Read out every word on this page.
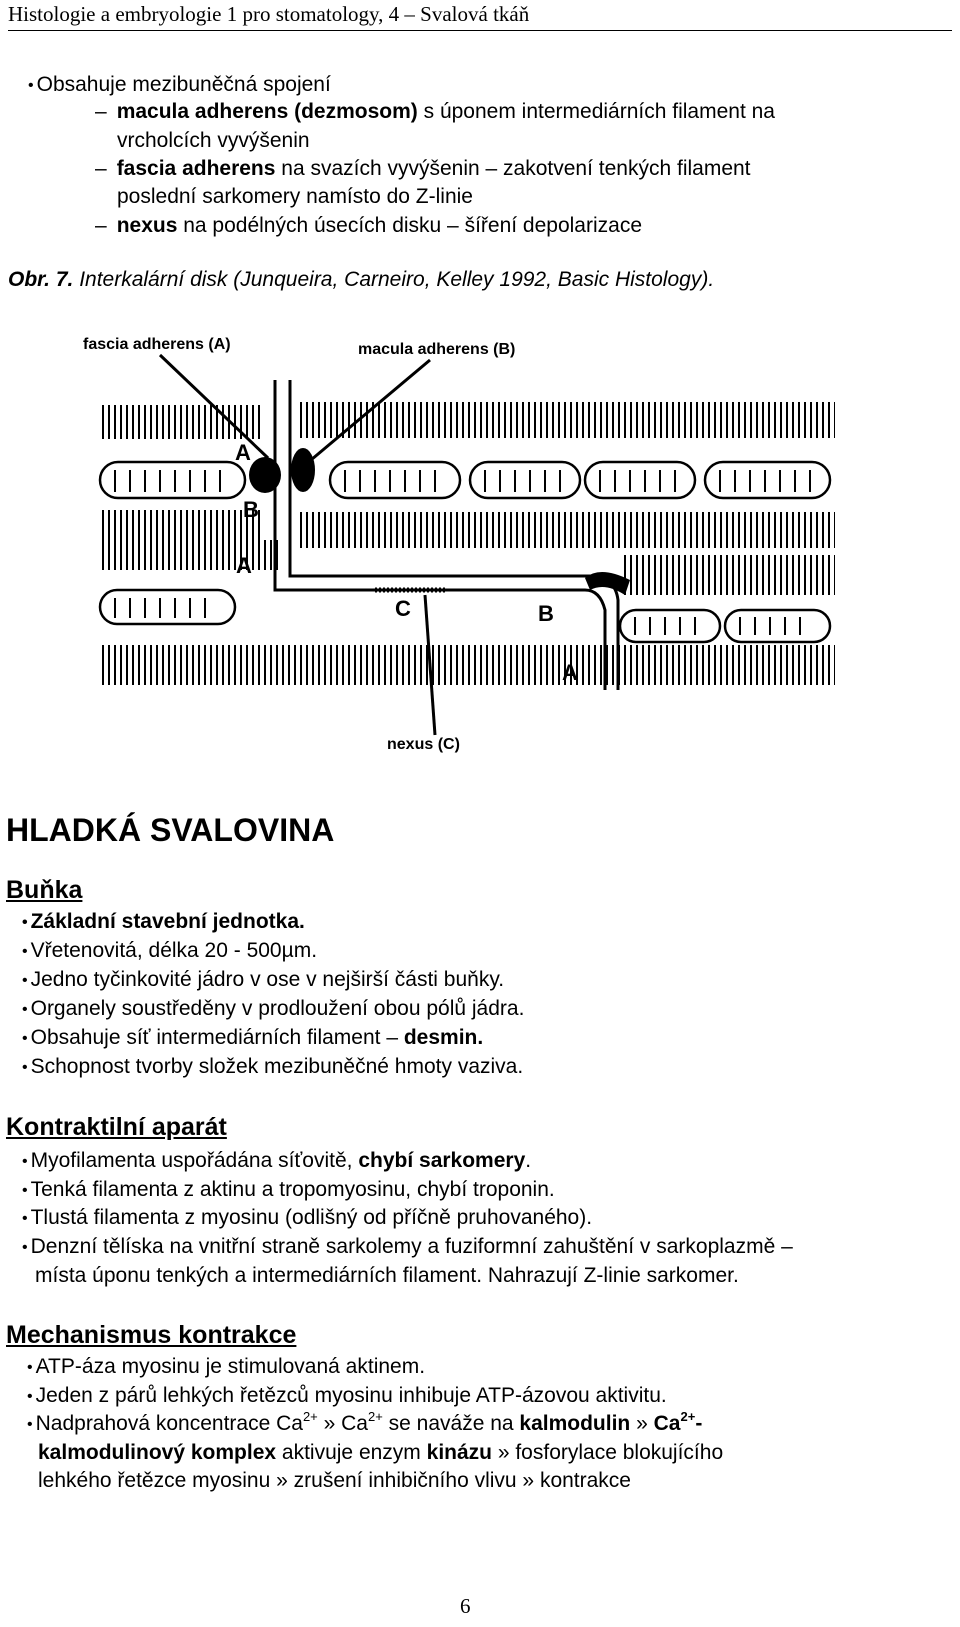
Histologie a embryologie 1 pro stomatology, 4 – Svalová tkáň
• Obsahuje mezibuněčná spojení
– macula adherens (dezmosom) s úponem intermediárních filament na
vrcholcích vyvýšenin
– fascia adherens na svazích vyvýšenin – zakotvení tenkých filament
poslední sarkomery namísto do Z-linie
– nexus na podélných úsecích disku – šíření depolarizace
Obr. 7. Interkalární disk (Junqueira, Carneiro, Kelley 1992, Basic Histology).
fascia adherens (A)	macula adherens (B)
nexus (C)
A
B
A
C	B
A
HLADKÁ SVALOVINA
Buňka
• Základní stavební jednotka.
• Vřetenovitá, délka 20 - 500µm.
• Jedno tyčinkovité jádro v ose v nejširší části buňky.
• Organely soustředěny v prodloužení obou pólů jádra.
• Obsahuje síť intermediárních filament – desmin.
• Schopnost tvorby složek mezibuněčné hmoty vaziva.
Kontraktilní aparát
• Myofilamenta uspořádána síťovitě, chybí sarkomery.
• Tenká filamenta z aktinu a tropomyosinu, chybí troponin.
• Tlustá filamenta z myosinu (odlišný od příčně pruhovaného).
• Denzní tělíska na vnitřní straně sarkolemy a fuziformní zahuštění v sarkoplazmě –
místa úponu tenkých a intermediárních filament. Nahrazují Z-linie sarkomer.
Mechanismus kontrakce
• ATP-áza myosinu je stimulovaná aktinem.
• Jeden z párů lehkých řetězců myosinu inhibuje ATP-ázovou aktivitu.
• Nadprahová koncentrace $Ca^{2+}$ » $Ca^{2+}$ se naváže na kalmodulin » $Ca^{2+}-$
kalmodulinový komplex aktivuje enzym kinázu » fosforylace blokujícího
lehkého řetězce myosinu » zrušení inhibičního vlivu » kontrakce
6
